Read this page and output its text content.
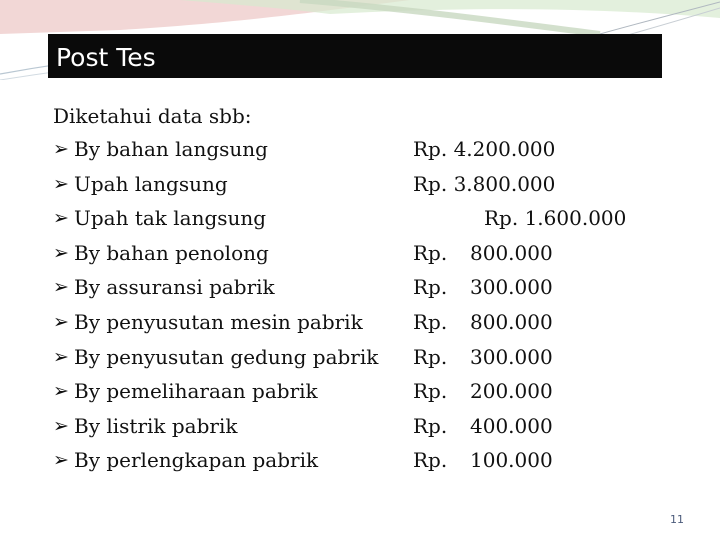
Post Tes
Diketahui data sbb:
➢ By bahan langsung	Rp. 4.200.000
➢ Upah langsung	Rp. 3.800.000
➢ Upah tak langsung	Rp. 1.600.000
➢ By bahan penolong	Rp. 800.000
➢ By assuransi pabrik	Rp. 300.000
➢ By penyusutan mesin pabrik	Rp. 800.000
➢ By penyusutan gedung pabrik Rp. 300.000
➢ By pemeliharaan pabrik	Rp. 200.000
➢ By listrik pabrik	Rp. 400.000
➢ By perlengkapan pabrik	Rp. 100.000
11
